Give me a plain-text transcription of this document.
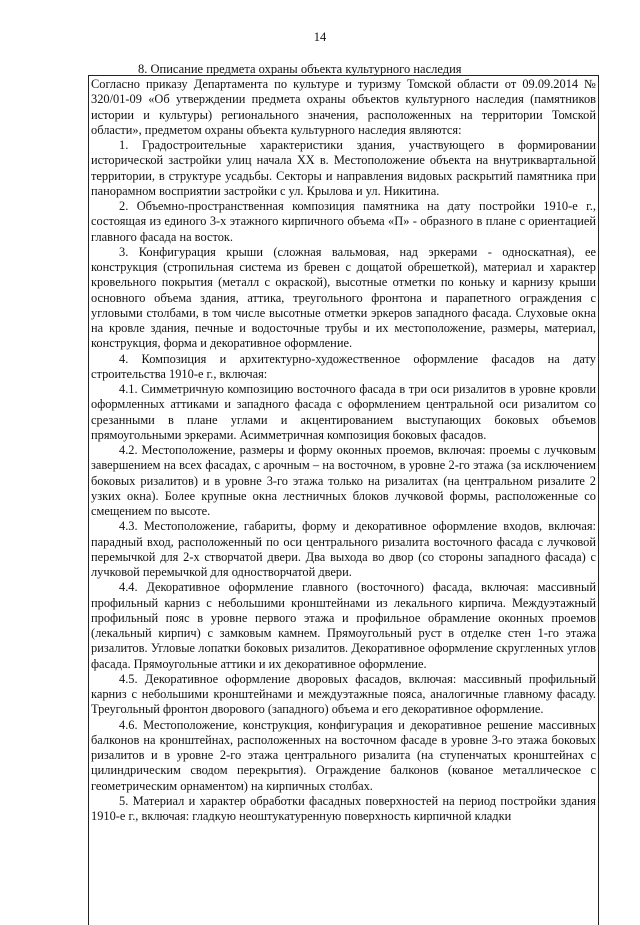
14
8. Описание предмета охраны объекта культурного наследия

Согласно приказу Департамента по культуре и туризму Томской области от 09.09.2014 № 320/01-09 «Об утверждении предмета охраны объектов культурного наследия (памятников истории и культуры) регионального значения, расположенных на территории Томской области», предметом охраны объекта культурного наследия являются:

1. Градостроительные характеристики здания, участвующего в формировании исторической застройки улиц начала XX в. Местоположение объекта на внутриквартальной территории, в структуре усадьбы. Секторы и направления видовых раскрытий памятника при панорамном восприятии застройки с ул. Крылова и ул. Никитина.

2. Объемно-пространственная композиция памятника на дату постройки 1910-е г., состоящая из единого 3-х этажного кирпичного объема «П» - образного в плане с ориентацией главного фасада на восток.

3. Конфигурация крыши (сложная вальмовая, над эркерами - односкатная), ее конструкция (стропильная система из бревен с дощатой обрешеткой), материал и характер кровельного покрытия (металл с окраской), высотные отметки по коньку и карнизу крыши основного объема здания, аттика, треугольного фронтона и парапетного ограждения с угловыми столбами, в том числе высотные отметки эркеров западного фасада. Слуховые окна на кровле здания, печные и водосточные трубы и их местоположение, размеры, материал, конструкция, форма и декоративное оформление.

4. Композиция и архитектурно-художественное оформление фасадов на дату строительства 1910-е г., включая:

4.1. Симметричную композицию восточного фасада в три оси ризалитов в уровне кровли оформленных аттиками и западного фасада с оформлением центральной оси ризалитом со срезанными в плане углами и акцентированием выступающих боковых объемов прямоугольными эркерами. Асимметричная композиция боковых фасадов.

4.2. Местоположение, размеры и форму оконных проемов, включая: проемы с лучковым завершением на всех фасадах, с арочным – на восточном, в уровне 2-го этажа (за исключением боковых ризалитов) и в уровне 3-го этажа только на ризалитах (на центральном ризалите 2 узких окна). Более крупные окна лестничных блоков лучковой формы, расположенные со смещением по высоте.

4.3. Местоположение, габариты, форму и декоративное оформление входов, включая: парадный вход, расположенный по оси центрального ризалита восточного фасада с лучковой перемычкой для 2-х створчатой двери. Два выхода во двор (со стороны западного фасада) с лучковой перемычкой для одностворчатой двери.

4.4. Декоративное оформление главного (восточного) фасада, включая: массивный профильный карниз с небольшими кронштейнами из лекального кирпича. Междуэтажный профильный пояс в уровне первого этажа и профильное обрамление оконных проемов (лекальный кирпич) с замковым камнем. Прямоугольный руст в отделке стен 1-го этажа ризалитов. Угловые лопатки боковых ризалитов. Декоративное оформление скругленных углов фасада. Прямоугольные аттики и их декоративное оформление.

4.5. Декоративное оформление дворовых фасадов, включая: массивный профильный карниз с небольшими кронштейнами и междуэтажные пояса, аналогичные главному фасаду. Треугольный фронтон дворового (западного) объема и его декоративное оформление.

4.6. Местоположение, конструкция, конфигурация и декоративное решение массивных балконов на кронштейнах, расположенных на восточном фасаде в уровне 3-го этажа боковых ризалитов и в уровне 2-го этажа центрального ризалита (на ступенчатых кронштейнах с цилиндрическим сводом перекрытия). Ограждение балконов (кованое металлическое с геометрическим орнаментом) на кирпичных столбах.

5. Материал и характер обработки фасадных поверхностей на период постройки здания 1910-е г., включая: гладкую неоштукатуренную поверхность кирпичной кладки
